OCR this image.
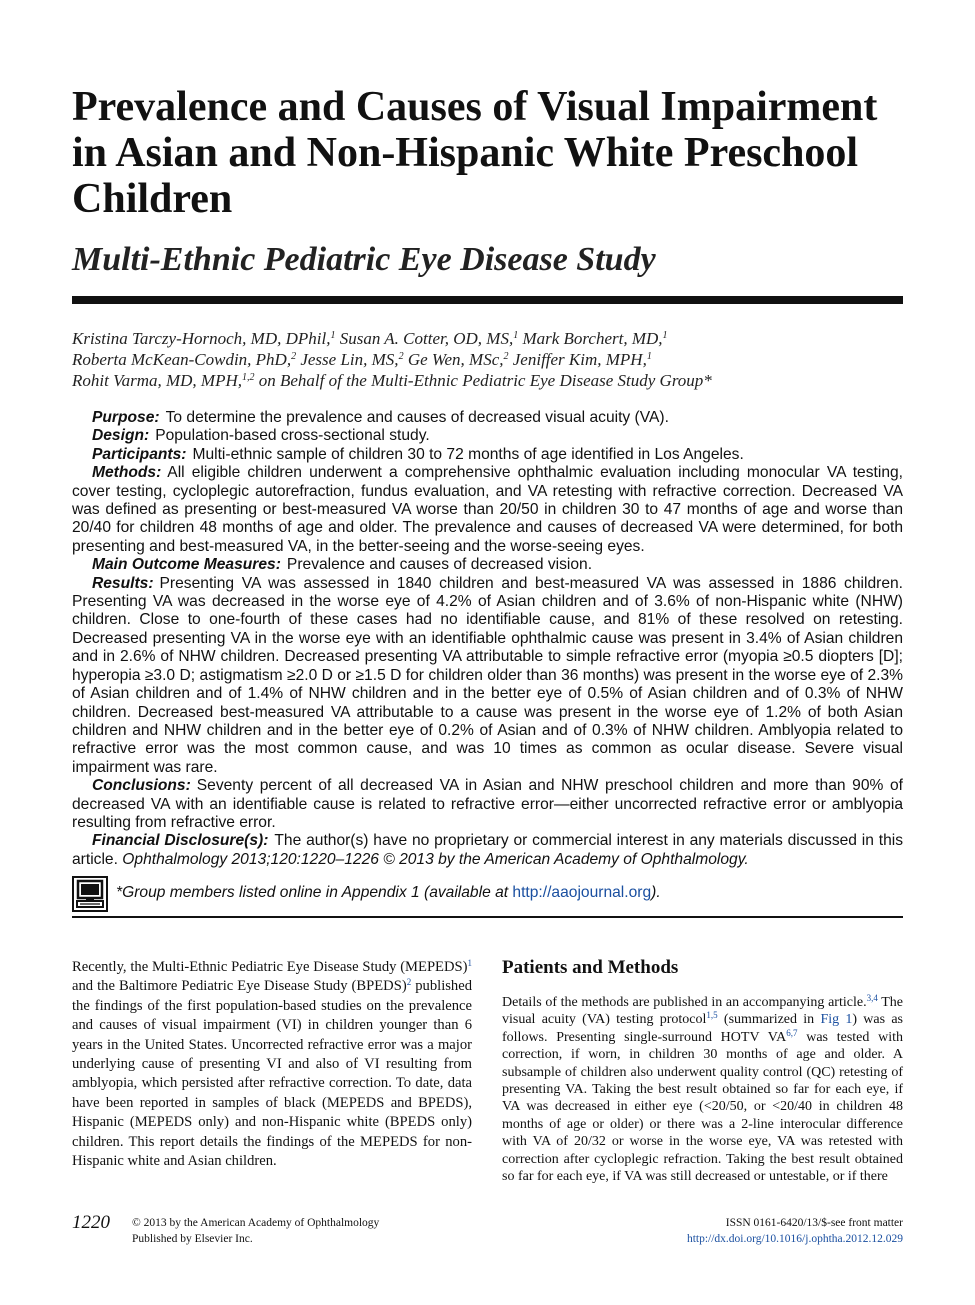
Prevalence and Causes of Visual Impairment in Asian and Non-Hispanic White Preschool Children
Multi-Ethnic Pediatric Eye Disease Study
Kristina Tarczy-Hornoch, MD, DPhil,$^1$ Susan A. Cotter, OD, MS,$^1$ Mark Borchert, MD,$^1$
Roberta McKean-Cowdin, PhD,$^2$ Jesse Lin, MS,$^2$ Ge Wen, MSc,$^2$ Jeniffer Kim, MPH,$^1$
Rohit Varma, MD, MPH,$^{1,2}$ on Behalf of the Multi-Ethnic Pediatric Eye Disease Study Group*

Purpose: To determine the prevalence and causes of decreased visual acuity (VA).

Design: Population-based cross-sectional study.

Participants: Multi-ethnic sample of children 30 to 72 months of age identified in Los Angeles.

Methods: All eligible children underwent a comprehensive ophthalmic evaluation including monocular VA testing, cover testing, cycloplegic autorefraction, fundus evaluation, and VA retesting with refractive correction. Decreased VA was defined as presenting or best-measured VA worse than 20/50 in children 30 to 47 months of age and worse than 20/40 for children 48 months of age and older. The prevalence and causes of decreased VA were determined, for both presenting and best-measured VA, in the better-seeing and the worse-seeing eyes.

Main Outcome Measures: Prevalence and causes of decreased vision.

Results: Presenting VA was assessed in 1840 children and best-measured VA was assessed in 1886 children. Presenting VA was decreased in the worse eye of 4.2% of Asian children and of 3.6% of non-Hispanic white (NHW) children. Close to one-fourth of these cases had no identifiable cause, and 81% of these resolved on retesting. Decreased presenting VA in the worse eye with an identifiable ophthalmic cause was present in 3.4% of Asian children and in 2.6% of NHW children. Decreased presenting VA attributable to simple refractive error (myopia ≥0.5 diopters [D]; hyperopia ≥3.0 D; astigmatism ≥2.0 D or ≥1.5 D for children older than 36 months) was present in the worse eye of 2.3% of Asian children and of 1.4% of NHW children and in the better eye of 0.5% of Asian children and of 0.3% of NHW children. Decreased best-measured VA attributable to a cause was present in the worse eye of 1.2% of both Asian children and NHW children and in the better eye of 0.2% of Asian and of 0.3% of NHW children. Amblyopia related to refractive error was the most common cause, and was 10 times as common as ocular disease. Severe visual impairment was rare.

Conclusions: Seventy percent of all decreased VA in Asian and NHW preschool children and more than 90% of decreased VA with an identifiable cause is related to refractive error—either uncorrected refractive error or amblyopia resulting from refractive error.

Financial Disclosure(s): The author(s) have no proprietary or commercial interest in any materials discussed in this article. Ophthalmology 2013;120:1220–1226 © 2013 by the American Academy of Ophthalmology.

*Group members listed online in Appendix 1 (available at http://aaojournal.org).

Recently, the Multi-Ethnic Pediatric Eye Disease Study (MEPEDS)$^1$ and the Baltimore Pediatric Eye Disease Study (BPEDS)$^2$ published the findings of the first population-based studies on the prevalence and causes of visual impairment (VI) in children younger than 6 years in the United States. Uncorrected refractive error was a major underlying cause of presenting VI and also of VI resulting from amblyopia, which persisted after refractive correction. To date, data have been reported in samples of black (MEPEDS and BPEDS), Hispanic (MEPEDS only) and non-Hispanic white (BPEDS only) children. This report details the findings of the MEPEDS for non-Hispanic white and Asian children.

Patients and Methods

Details of the methods are published in an accompanying article.$^{3,4}$ The visual acuity (VA) testing protocol$^{1,5}$ (summarized in Fig 1) was as follows. Presenting single-surround HOTV VA$^{6,7}$ was tested with correction, if worn, in children 30 months of age and older. A subsample of children also underwent quality control (QC) retesting of presenting VA. Taking the best result obtained so far for each eye, if VA was decreased in either eye (<20/50, or <20/40 in children 48 months of age or older) or there was a 2-line interocular difference with VA of 20/32 or worse in the worse eye, VA was retested with correction after cycloplegic refraction. Taking the best result obtained so far for each eye, if VA was still decreased or untestable, or if there

1220 © 2013 by the American Academy of Ophthalmology
Published by Elsevier Inc.
ISSN 0161-6420/13/$-see front matter
http://dx.doi.org/10.1016/j.ophtha.2012.12.029
